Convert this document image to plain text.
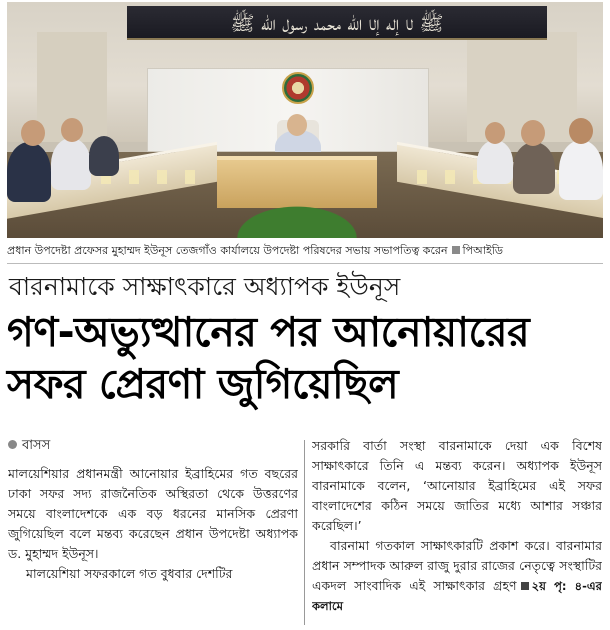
ﷺ لا إله إلا الله محمد رسول الله ﷺ
প্রধান উপদেষ্টা প্রফেসর মুহাম্মদ ইউনূস তেজগাঁও কার্যালয়ে উপদেষ্টা পরিষদের সভায় সভাপতিত্ব করেন পিআইডি
বারনামাকে সাক্ষাৎকারে অধ্যাপক ইউনূস
গণ-অভ্যুত্থানের পর আনোয়ারের
সফর প্রেরণা জুগিয়েছিল
বাসস

মালয়েশিয়ার প্রধানমন্ত্রী আনোয়ার ইব্রাহিমের গত বছরের ঢাকা সফর সদ্য রাজনৈতিক অস্থিরতা থেকে উত্তরণের সময়ে বাংলাদেশকে এক বড় ধরনের মানসিক প্রেরণা জুগিয়েছিল বলে মন্তব্য করেছেন প্রধান উপদেষ্টা অধ্যাপক ড. মুহাম্মদ ইউনূস।

মালয়েশিয়া সফরকালে গত বুধবার দেশটির

সরকারি বার্তা সংস্থা বারনামাকে দেয়া এক বিশেষ সাক্ষাৎকারে তিনি এ মন্তব্য করেন। অধ্যাপক ইউনূস বারনামাকে বলেন, ‘আনোয়ার ইব্রাহিমের এই সফর বাংলাদেশের কঠিন সময়ে জাতির মধ্যে আশার সঞ্চার করেছিল।’

বারনামা গতকাল সাক্ষাৎকারটি প্রকাশ করে। বারনামার প্রধান সম্পাদক আরুল রাজু দুরার রাজের নেতৃত্বে সংস্থাটির একদল সাংবাদিক এই সাক্ষাৎকার গ্রহণ ২য় পৃ: ৪-এর কলামে
